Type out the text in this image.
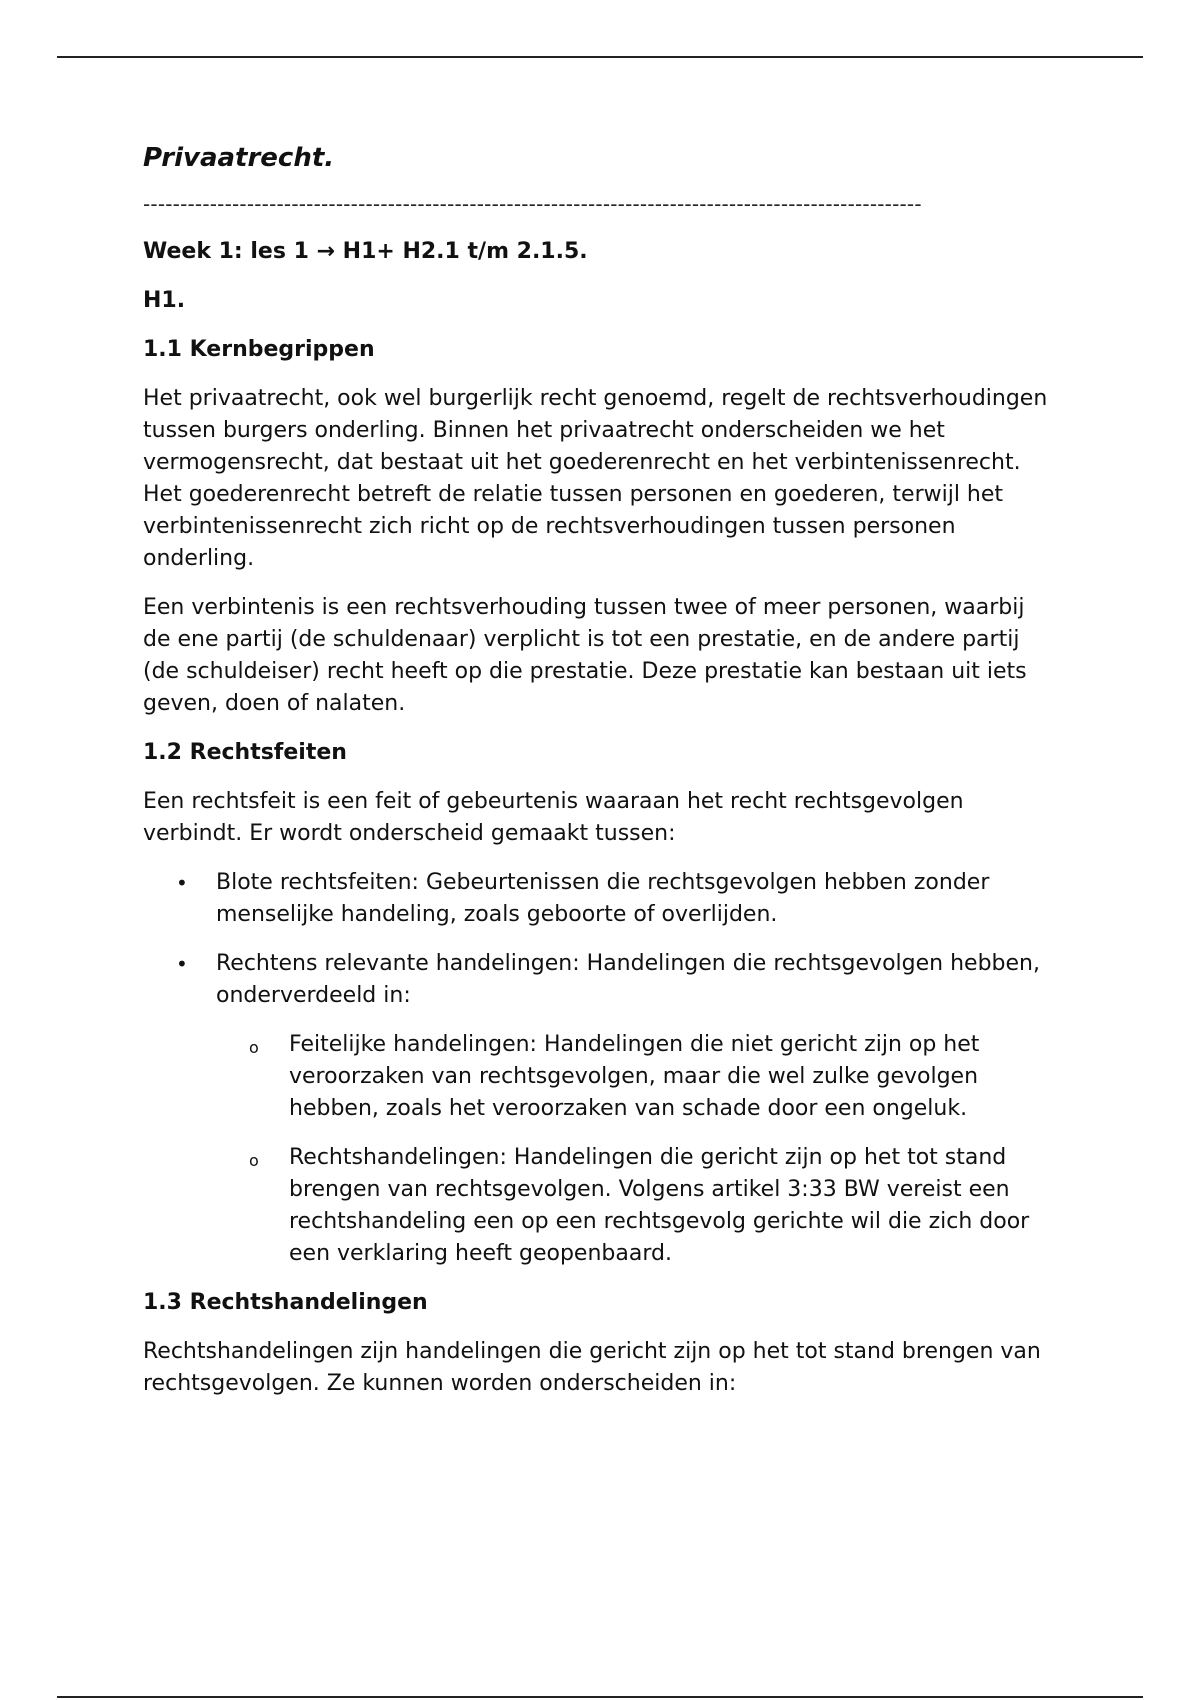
Privaatrecht.
---------------------------------------------------------------------------------------------------------
Week 1: les 1 → H1+ H2.1 t/m 2.1.5.
H1.
1.1 Kernbegrippen

Het privaatrecht, ook wel burgerlijk recht genoemd, regelt de rechtsverhoudingen tussen burgers onderling. Binnen het privaatrecht onderscheiden we het vermogensrecht, dat bestaat uit het goederenrecht en het verbintenissenrecht. Het goederenrecht betreft de relatie tussen personen en goederen, terwijl het verbintenissenrecht zich richt op de rechtsverhoudingen tussen personen onderling.

Een verbintenis is een rechtsverhouding tussen twee of meer personen, waarbij de ene partij (de schuldenaar) verplicht is tot een prestatie, en de andere partij (de schuldeiser) recht heeft op die prestatie. Deze prestatie kan bestaan uit iets geven, doen of nalaten.

1.2 Rechtsfeiten

Een rechtsfeit is een feit of gebeurtenis waaraan het recht rechtsgevolgen verbindt. Er wordt onderscheid gemaakt tussen:

• Blote rechtsfeiten: Gebeurtenissen die rechtsgevolgen hebben zonder menselijke handeling, zoals geboorte of overlijden.
• Rechtens relevante handelingen: Handelingen die rechtsgevolgen hebben, onderverdeeld in:
o Feitelijke handelingen: Handelingen die niet gericht zijn op het veroorzaken van rechtsgevolgen, maar die wel zulke gevolgen hebben, zoals het veroorzaken van schade door een ongeluk.
o Rechtshandelingen: Handelingen die gericht zijn op het tot stand brengen van rechtsgevolgen. Volgens artikel 3:33 BW vereist een rechtshandeling een op een rechtsgevolg gerichte wil die zich door een verklaring heeft geopenbaard.
1.3 Rechtshandelingen

Rechtshandelingen zijn handelingen die gericht zijn op het tot stand brengen van rechtsgevolgen. Ze kunnen worden onderscheiden in:
